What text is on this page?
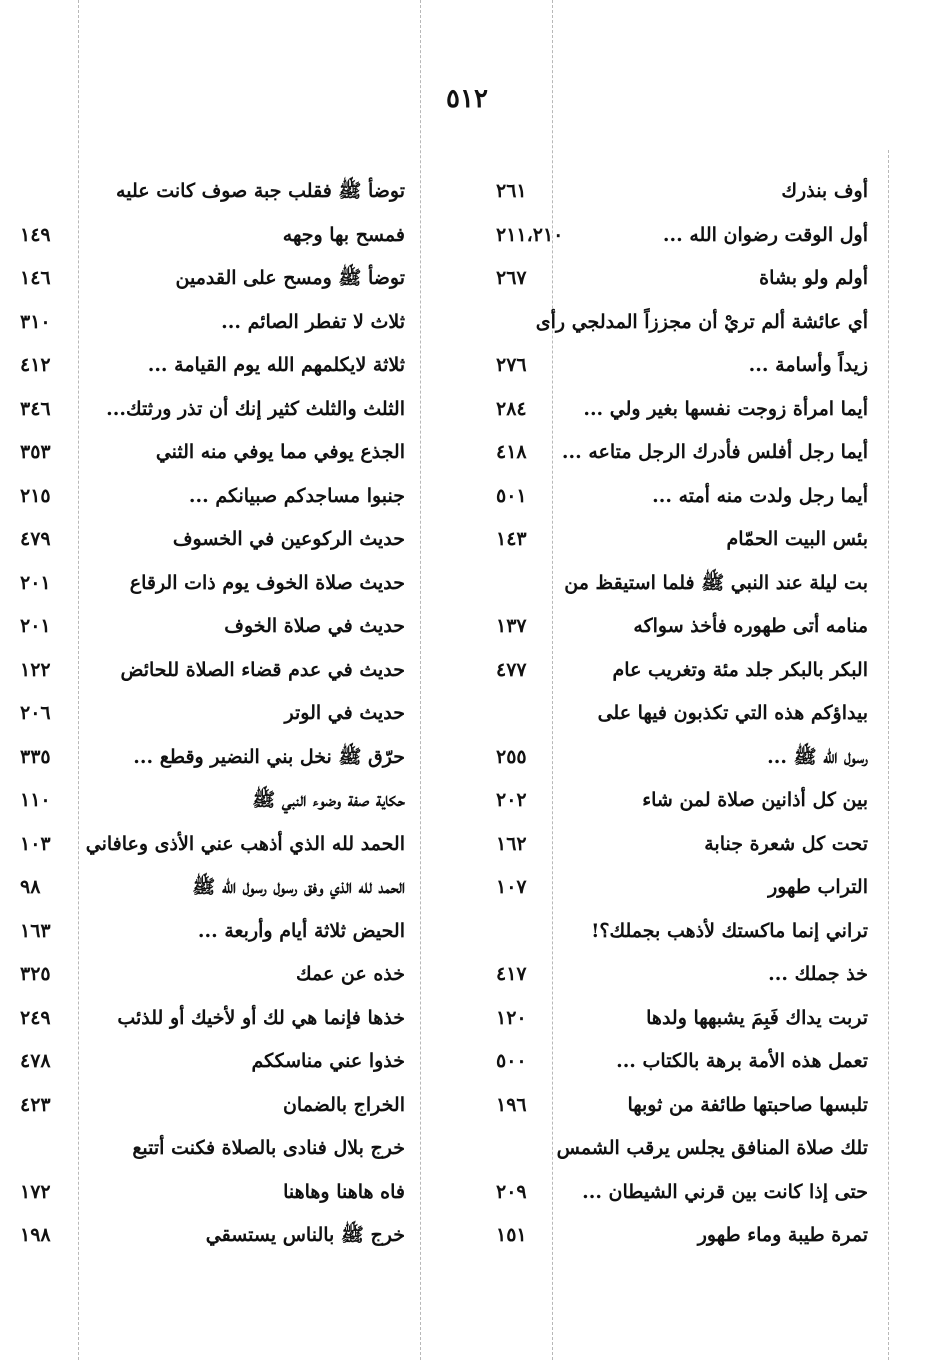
٥١٢
أوف بنذرك
٢٦١
أول الوقت رضوان الله ...
٢١١،٢١٠
أولم ولو بشاة
٢٦٧
أي عائشة ألم تريْ أن مجززاً المدلجي رأى
زيداً وأسامة ...
٢٧٦
أيما امرأة زوجت نفسها بغير ولي ...
٢٨٤
أيما رجل أفلس فأدرك الرجل متاعه ...
٤١٨
أيما رجل ولدت منه أمته ...
٥٠١
بئس البيت الحمّام
١٤٣
بت ليلة عند النبي ﷺ فلما استيقظ من
منامه أتى طهوره فأخذ سواكه
١٣٧
البكر بالبكر جلد مئة وتغريب عام
٤٧٧
بيداؤكم هذه التي تكذبون فيها على
رسول الله ﷺ ...
٢٥٥
بين كل أذانين صلاة لمن شاء
٢٠٢
تحت كل شعرة جنابة
١٦٢
التراب طهور
١٠٧
تراني إنما ماكستك لأذهب بجملك؟!
خذ جملك ...
٤١٧
تربت يداك فَبِمَ يشبهها ولدها
١٢٠
تعمل هذه الأمة برهة بالكتاب ...
٥٠٠
تلبسها صاحبتها طائفة من ثوبها
١٩٦
تلك صلاة المنافق يجلس يرقب الشمس
حتى إذا كانت بين قرني الشيطان ...
٢٠٩
تمرة طيبة وماء طهور
١٥١
توضأ ﷺ فقلب جبة صوف كانت عليه
فمسح بها وجهه
١٤٩
توضأ ﷺ ومسح على القدمين
١٤٦
ثلاث لا تفطر الصائم ...
٣١٠
ثلاثة لايكلمهم الله يوم القيامة ...
٤١٢
الثلث والثلث كثير إنك أن تذر ورثتك...
٣٤٦
الجذع يوفي مما يوفي منه الثني
٣٥٣
جنبوا مساجدكم صبيانكم ...
٢١٥
حديث الركوعين في الخسوف
٤٧٩
حديث صلاة الخوف يوم ذات الرقاع
٢٠١
حديث في صلاة الخوف
٢٠١
حديث في عدم قضاء الصلاة للحائض
١٢٢
حديث في الوتر
٢٠٦
حرّق ﷺ نخل بني النضير وقطع ...
٣٣٥
حكاية صفة وضوء النبي ﷺ
١١٠
الحمد لله الذي أذهب عني الأذى وعافاني
١٠٣
الحمد لله الذي وفق رسول رسول الله ﷺ
٩٨
الحيض ثلاثة أيام وأربعة ...
١٦٣
خذه عن عمك
٣٢٥
خذها فإنما هي لك أو لأخيك أو للذئب
٢٤٩
خذوا عني مناسككم
٤٧٨
الخراج بالضمان
٤٢٣
خرج بلال فنادى بالصلاة فكنت أتتبع
فاه هاهنا وهاهنا
١٧٢
خرج ﷺ بالناس يستسقي
١٩٨
